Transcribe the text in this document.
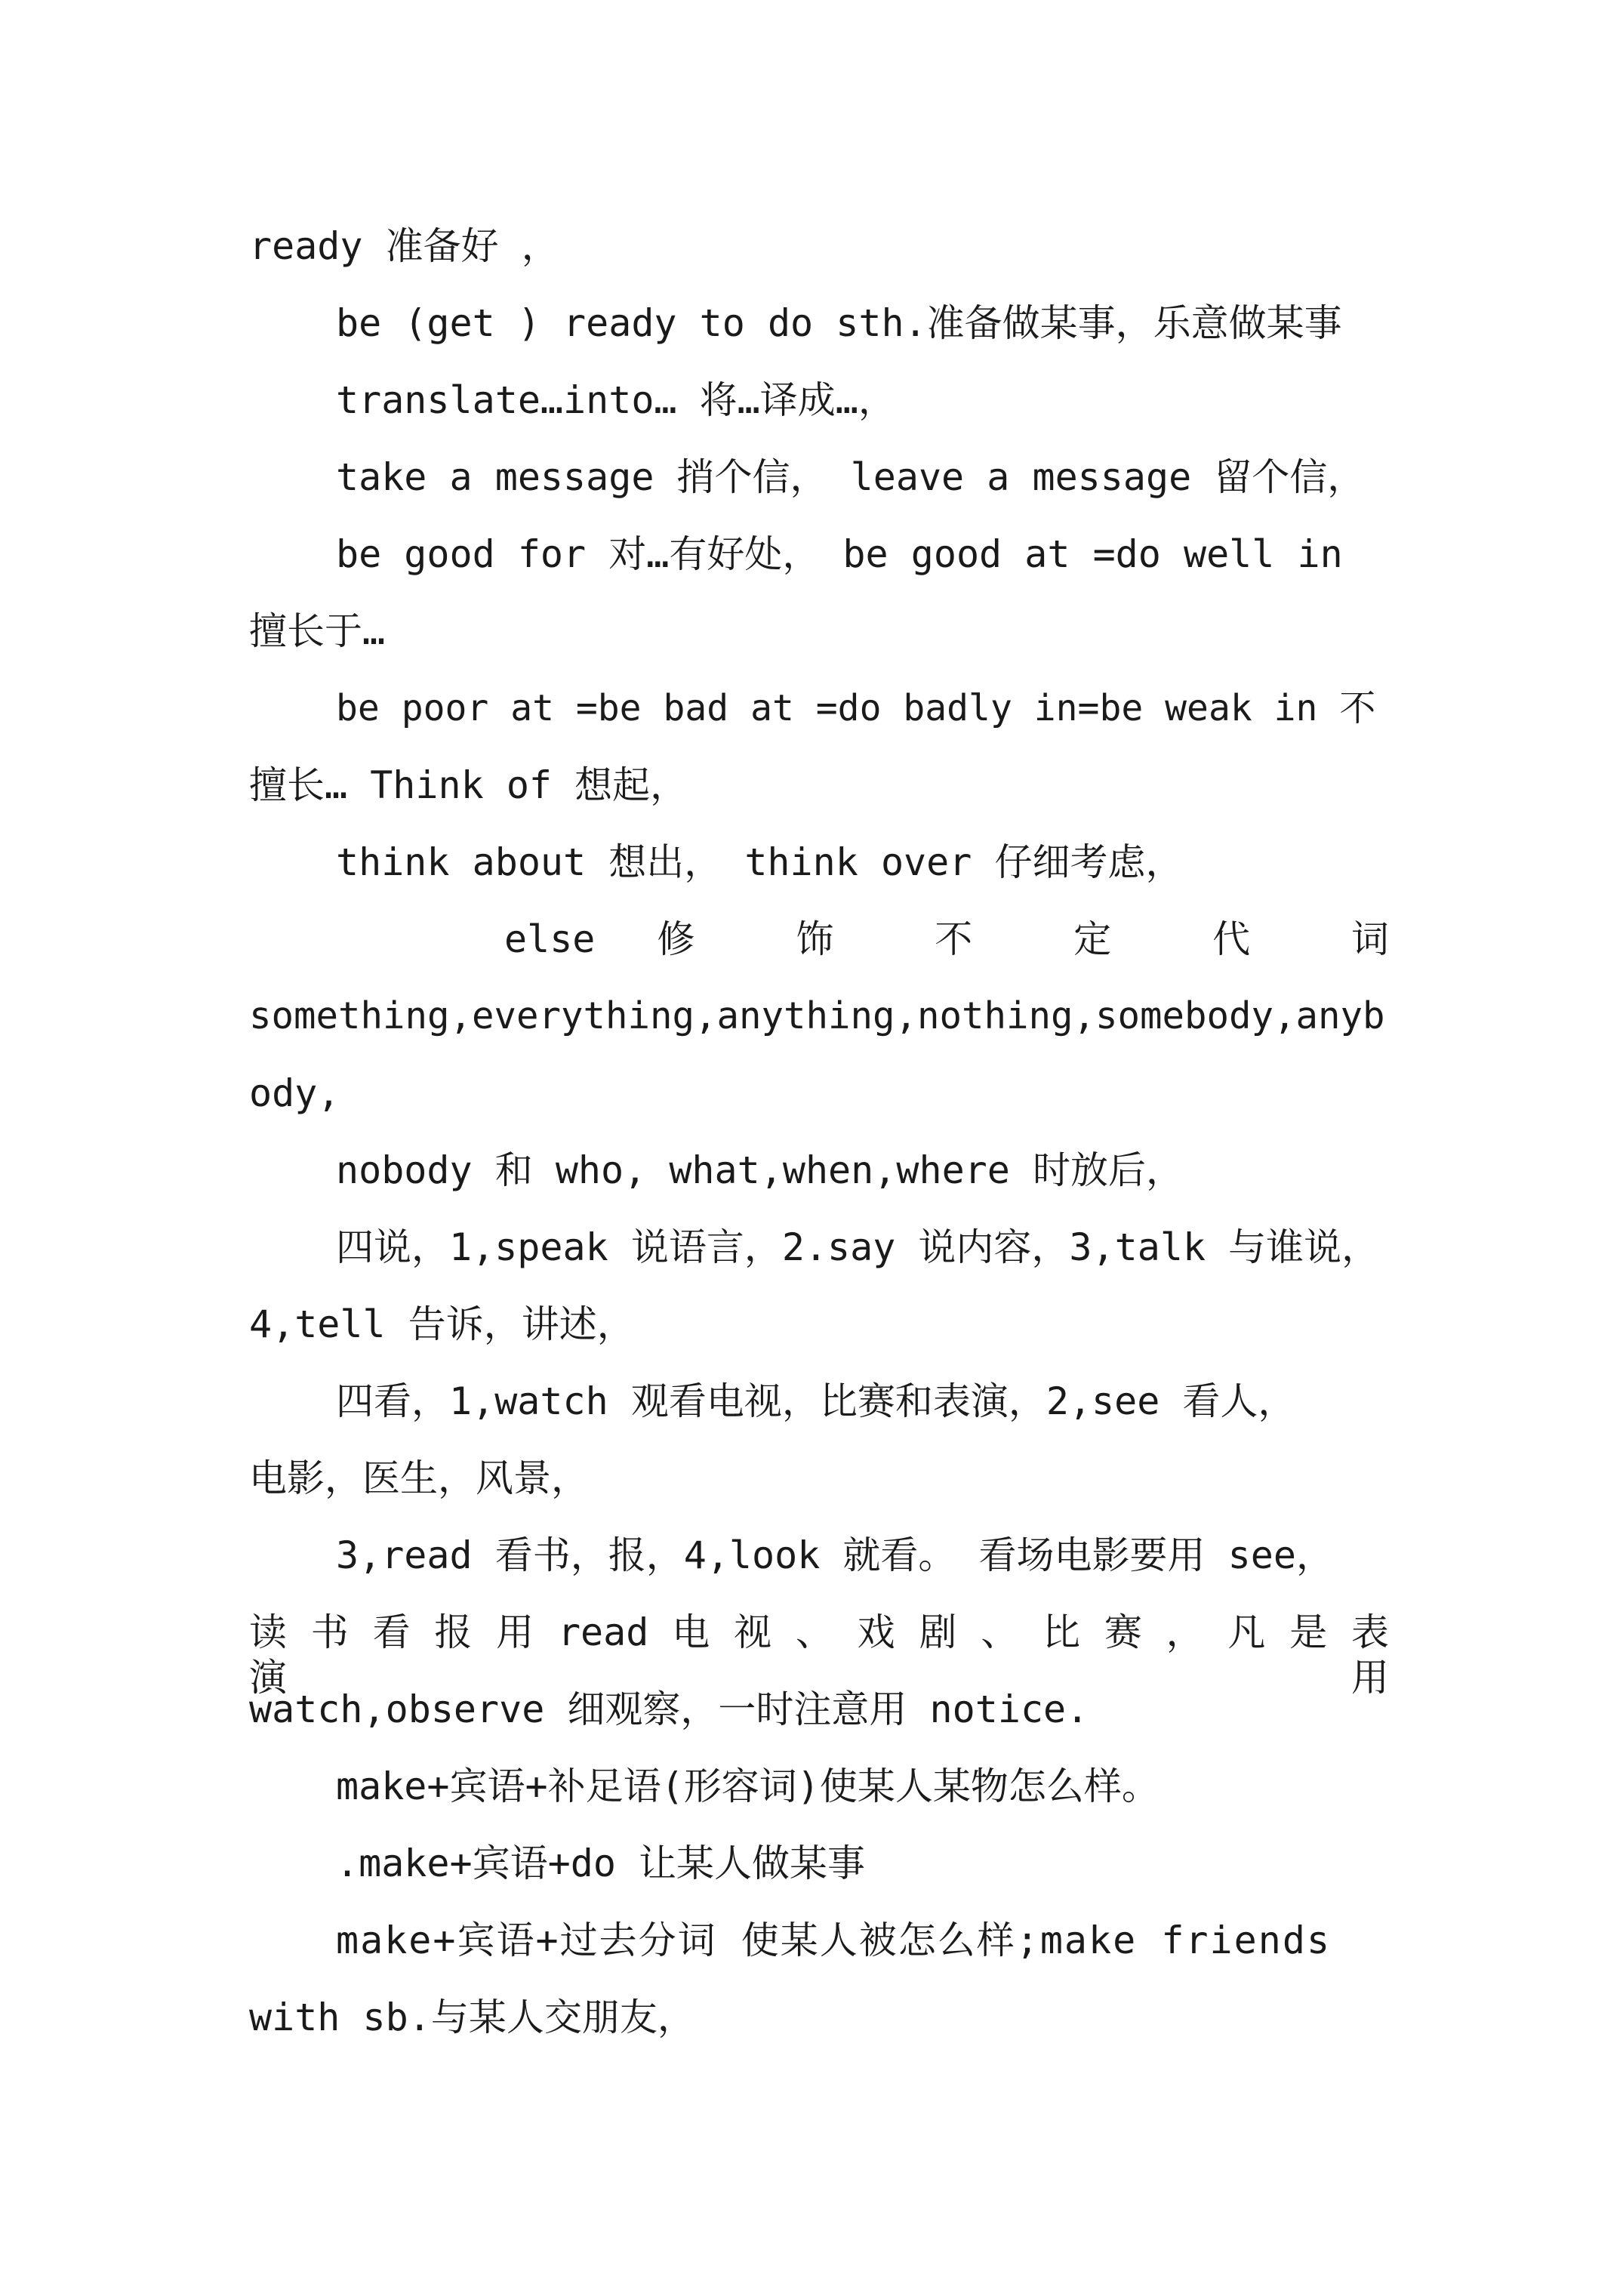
ready 准备好 ，

be (get ) ready to do sth.准备做某事，乐意做某事

translate…into… 将…译成…，

take a message 捎个信， leave a message 留个信，

be good for 对…有好处， be good at =do well in

擅长于…

be poor at =be bad at =do badly in=be weak in 不

擅长… Think of 想起，

think about 想出， think over 仔细考虑，

else 修 饰 不 定 代 词

something,everything,anything,nothing,somebody,anyb

ody,

nobody 和 who, what,when,where 时放后，

四说，1,speak 说语言，2.say 说内容，3,talk 与谁说，

4,tell 告诉，讲述，

四看，1,watch 观看电视，比赛和表演，2,see 看人，

电影，医生，风景，

3,read 看书，报，4,look 就看。 看场电影要用 see，

读 书 看 报 用 read 电 视 、 戏 剧 、 比 赛 ， 凡 是 表 演 用

watch,observe 细观察，一时注意用 notice.

make+宾语+补足语(形容词)使某人某物怎么样。

.make+宾语+do 让某人做某事

make+宾语+过去分词 使某人被怎么样;make friends

with sb.与某人交朋友，
